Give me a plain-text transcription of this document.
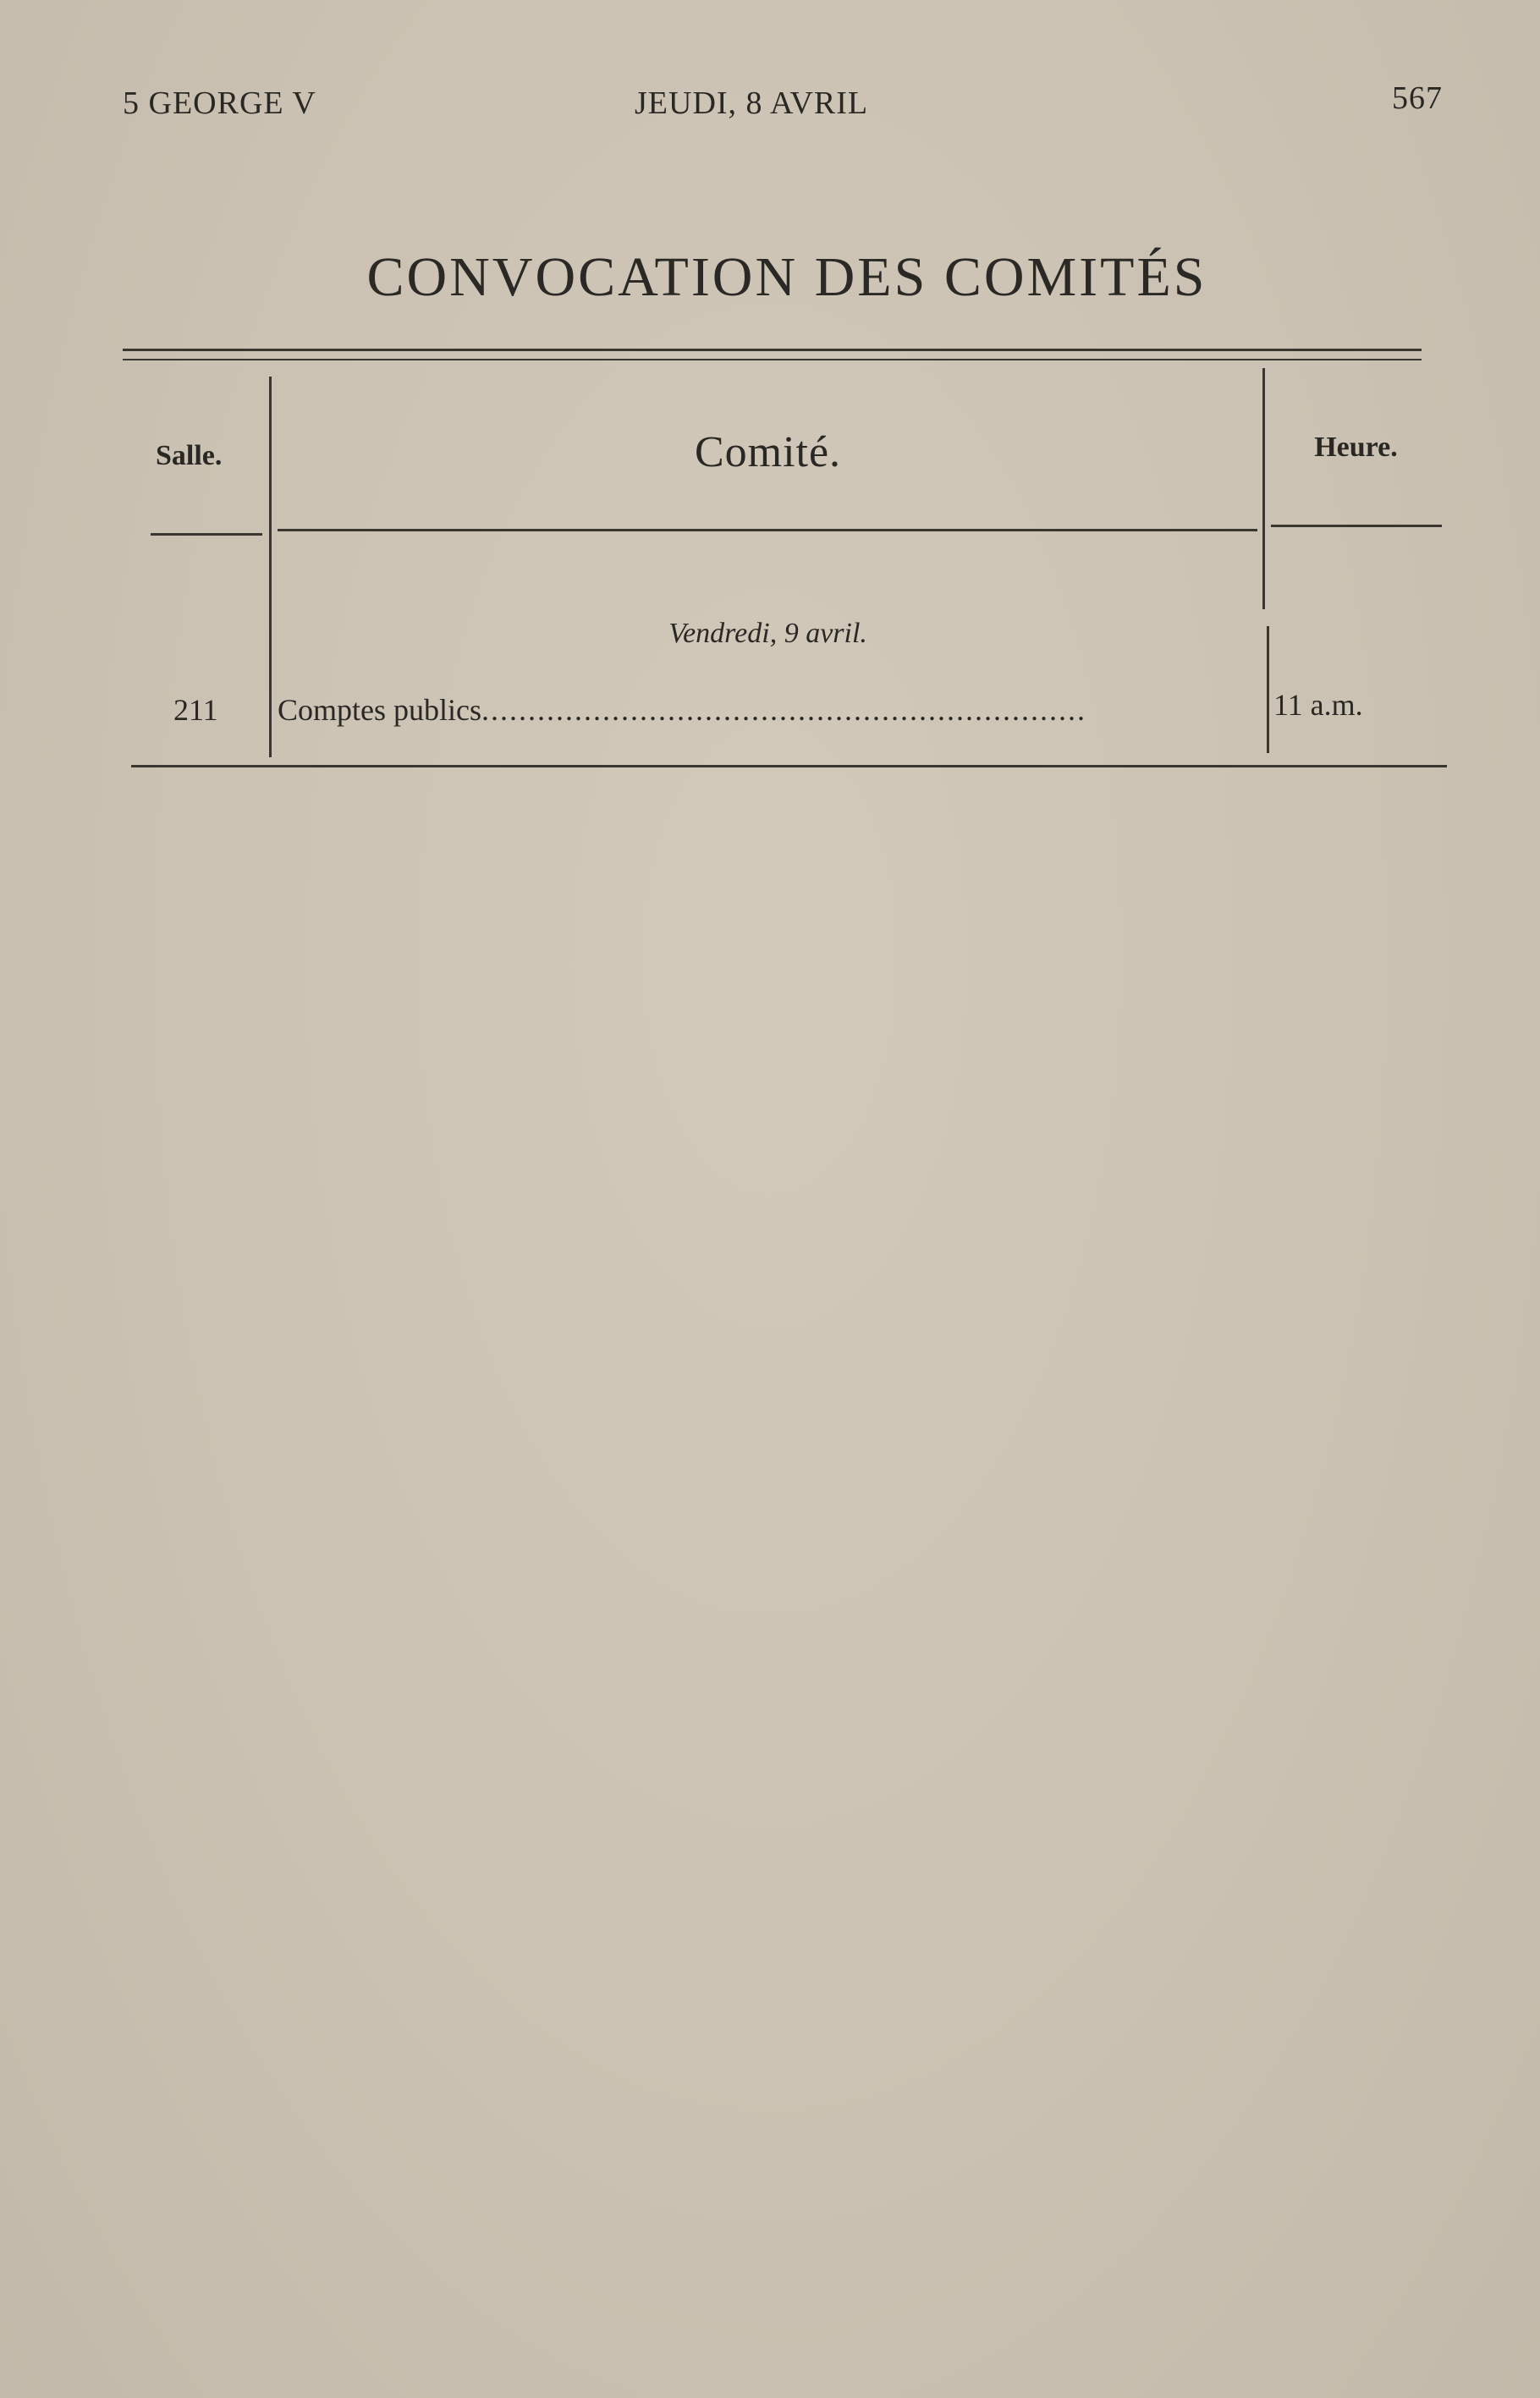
5 GEORGE V	JEUDI, 8 AVRIL	567
CONVOCATION DES COMITÉS
Salle.	Comité.	Heure.
Vendredi, 9 avril.
211 Comptes publics.................................................................	11 a.m.
